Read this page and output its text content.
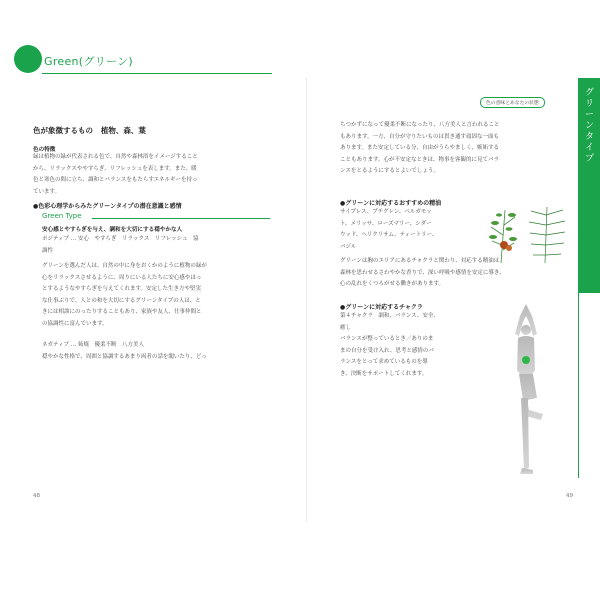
Green(グリーン)
色が象徴するもの 植物、森、葉
色の特徴
緑は植物の緑が代表される色で、自然や森林浴をイメージすること
から、リラックスややすらぎ、リフレッシュを表します。また、暖
色と寒色の間に立ち、調和とバランスをもたらすエネルギーを持っ
ています。
●色彩心理学からみたグリーンタイプの潜在意識と感情
Green Type
安心感とやすらぎを与え、調和を大切にする穏やかな人
ポジティブ … 安心　やすらぎ　リラックス　リフレッシュ　協
調性
グリーンを選んだ人は、自然の中に身をおくかのように植物の緑が
心をリラックスさせるように、周りにいる人たちに安心感やほっ
とするようなやすらぎを与えてくれます。安定した生き方や堅実
な仕事ぶりで、人との和を大切にするグリーンタイプの人は、と
きには相談にのったりすることもあり、家族や友人、仕事仲間と
の協調性に富んでいます。
ネガティブ … 妬焼　優柔不断　八方美人
穏やかな性格で、周囲と協調するあまり両者の話を聞いたり、どっ
48
色の意味とあなたの状態
グ
リ
ー
ン
タ
イ
プ
ちつかずになって優柔不断になったり、八方美人と言われること
もあります。一方、自分が守りたいものは貫き通す頑固な一面も
あります。また安定している分、自由がうらやましく、嫉妬する
こともあります。心が不安定なときは、物事を客観的に見てバラ
ンスをとるようにするとよいでしょう。
●グリーンに対応するおすすめの精油
サイプレス、プチグレン、ベルガモッ
ト、メリッサ、ローズマリー、シダー
ウッド、ヘリクリサム、ティートリー、
バジル
グリーンは胸のエリアにあるチャクラと関わり、対応する精油は
森林を思わせるさわやかな香りで、深い呼吸や感情を安定に導き、
心の乱れをくつろがせる働きがあります。
●グリーンに対応するチャクラ
第４チャクラ　調和、バランス、安全、
癒し
バランスが整っているとき／ありのま
まの自分を受け入れ、思考と感情のバ
ランスをとって求めているものを導
き、決断をサポートしてくれます。
49
